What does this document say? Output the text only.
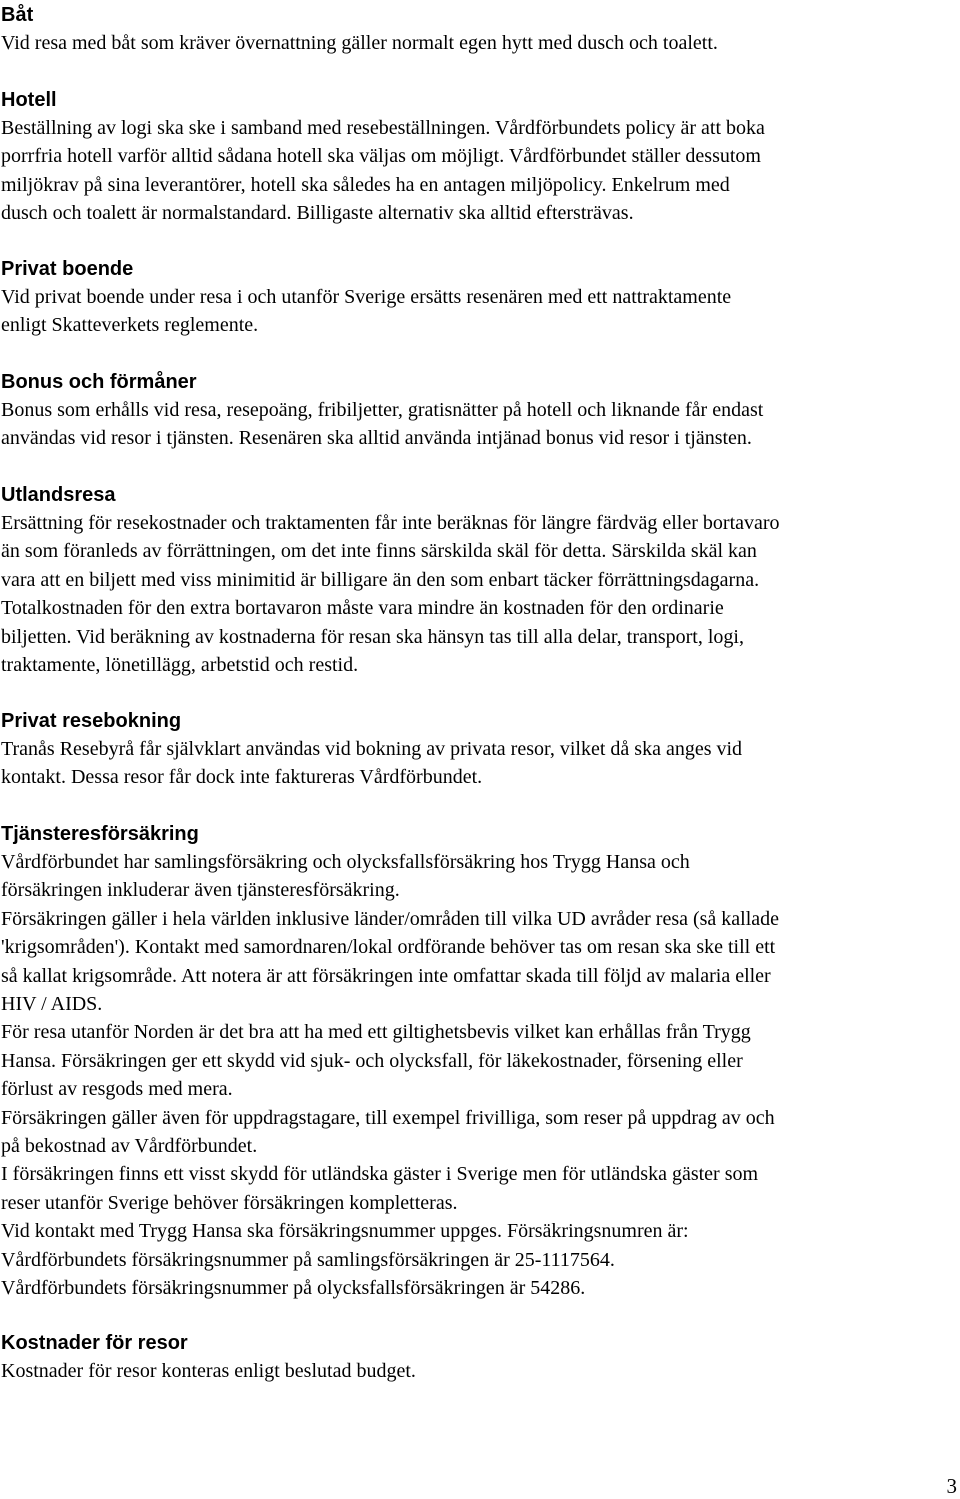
Båt
Vid resa med båt som kräver övernattning gäller normalt egen hytt med dusch och toalett.
Hotell
Beställning av logi ska ske i samband med resebeställningen. Vårdförbundets policy är att boka
porrfria hotell varför alltid sådana hotell ska väljas om möjligt. Vårdförbundet ställer dessutom
miljökrav på sina leverantörer, hotell ska således ha en antagen miljöpolicy. Enkelrum med
dusch och toalett är normalstandard. Billigaste alternativ ska alltid eftersträvas.
Privat boende
Vid privat boende under resa i och utanför Sverige ersätts resenären med ett nattraktamente
enligt Skatteverkets reglemente.
Bonus och förmåner
Bonus som erhålls vid resa, resepoäng, fribiljetter, gratisnätter på hotell och liknande får endast
användas vid resor i tjänsten. Resenären ska alltid använda intjänad bonus vid resor i tjänsten.
Utlandsresa
Ersättning för resekostnader och traktamenten får inte beräknas för längre färdväg eller bortavaro
än som föranleds av förrättningen, om det inte finns särskilda skäl för detta. Särskilda skäl kan
vara att en biljett med viss minimitid är billigare än den som enbart täcker förrättningsdagarna.
Totalkostnaden för den extra bortavaron måste vara mindre än kostnaden för den ordinarie
biljetten. Vid beräkning av kostnaderna för resan ska hänsyn tas till alla delar, transport, logi,
traktamente, lönetillägg, arbetstid och restid.
Privat resebokning
Tranås Resebyrå får självklart användas vid bokning av privata resor, vilket då ska anges vid
kontakt. Dessa resor får dock inte faktureras Vårdförbundet.
Tjänsteresförsäkring
Vårdförbundet har samlingsförsäkring och olycksfallsförsäkring hos Trygg Hansa och
försäkringen inkluderar även tjänsteresförsäkring.
Försäkringen gäller i hela världen inklusive länder/områden till vilka UD avråder resa (så kallade
'krigsområden'). Kontakt med samordnaren/lokal ordförande behöver tas om resan ska ske till ett
så kallat krigsområde. Att notera är att försäkringen inte omfattar skada till följd av malaria eller
HIV / AIDS.
För resa utanför Norden är det bra att ha med ett giltighetsbevis vilket kan erhållas från Trygg
Hansa. Försäkringen ger ett skydd vid sjuk- och olycksfall, för läkekostnader, försening eller
förlust av resgods med mera.
Försäkringen gäller även för uppdragstagare, till exempel frivilliga, som reser på uppdrag av och
på bekostnad av Vårdförbundet.
I försäkringen finns ett visst skydd för utländska gäster i Sverige men för utländska gäster som
reser utanför Sverige behöver försäkringen kompletteras.
Vid kontakt med Trygg Hansa ska försäkringsnummer uppges. Försäkringsnumren är:
Vårdförbundets försäkringsnummer på samlingsförsäkringen är 25-1117564.
Vårdförbundets försäkringsnummer på olycksfallsförsäkringen är 54286.
Kostnader för resor
Kostnader för resor konteras enligt beslutad budget.
3
